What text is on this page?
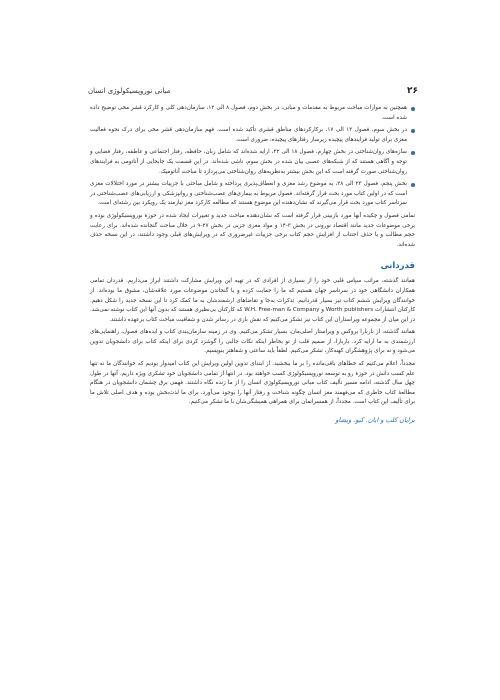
۲۶
مبانی نوروپسیکولوژی انسان
همچنین به موازات مباحث مربوط به مقدمات و مبانی، در بخش دوم، فصول ۸ الی ۱۲، سازمان‌دهی کلی و کارکرد قشر مخی توضیح داده شده است.
در بخش سوم، فصول ۱۳ الی ۱۷، برکارکردهای مناطق قشری تأکید شده است. فهم سازمان‌دهی قشر مخی برای درک نحوه فعالیت مغزی برای تولید فرایندهای پیچیده زیرساز رفتارهای پیچیده، ضروری است.
سازه‌های روان‌شناختی در بخش چهارم، فصول ۱۸ الی ۲۲، ارایه شده‌اند که شامل زبان، حافظه، رفتار اجتماعی و عاطفه، رفتار فضایی و توجه و آگاهی هستند که از شبکه‌های عصبی بیان شده در بخش سوم، ناشی شده‌اند. در این قسمت یک جابجایی از آناتومی به فرایندهای روان‌شناختی صورت گرفته است که این بخش بیشتر به‌نظریه‌های روان‌شناختی می‌پردازد تا مباحث آناتومیک.
بخش پنجم، فصول ۲۳ الی ۲۸، به موضوع رشد مغزی و انعطاف‌پذیری پرداخته و شامل مباحثی با جزییات بیشتر در مورد اختلالات مغزی است که در اولین کتاب مورد بحث قرار گرفته‌اند. فصول مربوط به بیماری‌های عصب‌شناختی و روانپزشکی و ارزیابی‌های عصب‌شناختی در سرتاسر کتاب مورد بحث قرار می‌گیرند که نشان‌دهنده این موضوع هستند که مطالعه کارکرد مغز نیازمند یک رویکرد بین رشته‌ای است.

تمامی فصول و چکیده آنها مورد بازبینی قرار گرفته است که نشان‌دهنده مباحث جدید و تغییرات ایجاد شده در حوزهٔ نوروپسیکولوژی بوده و برخی موضوعات جدید مانند اقتصاد نورونی در بخش ۳-۱۴ و مواد مغزی جزیی در بخش ۲۷-۹ در خلال مباحث گنجانده شده‌اند. برای رعایت حجم مطالب و یا حذف اجتناب از افزایش حجم کتاب برخی جزییات غیرضروری که در ویرایش‌های قبلی وجود داشتند، در این نسخه حذف شده‌اند.

قدردانی

همانند گذشته، مراتب سپاس قلبی خود را از بسیاری از افرادی که در تهیه این ویرایش مشارکت داشتند ابراز می‌داریم. قدردان تمامی همکاران دانشگاهی خود در سرتاسر جهان هستیم که ما را حمایت کرده و با گنجاندن موضوعات مورد علاقه‌شان، مشوق ما بوده‌اند. از خوانندگان ویرایش ششم کتاب نیز بسیار قدردانیم. تذکرات به‌جا و تقاضاهای ارشمندشان به ما کمک کرد تا این نسخه جدید را شکل دهیم. کارکنان انتشارات Worth publishers و W.H. Free-man & Company که کارکنان بی‌نظیری هستند که بدون آنها این کتاب نوشته نمی‌شد. در این میان از مجموعه ویراستاران این کتاب نیز تشکر می‌کنیم که نقش بازی در رساتر شدن و شفافیت مباحث کتاب برعهده داشتند.

همانند گذشته، از باربارا بروکس و ویراستار اصلی‌مان، بسیار تشکر می‌کنیم. وی در زمینه سازمان‌بندی کتاب و ایده‌های فصول، راهنمایی‌های ارزشمندی به ما ارایه کرد. باربارا، از صمیم قلب از تو بخاطر اینکه نکات جالبی را گوشزد کردی برای اینکه کتاب برای دانشجویان تدوین می‌شود و نه برای پژوهشگران کهنه‌کار، تشکر می‌کنیم. لطفاً باید ساعتی و شفاهتر بنویسیم.

مجدداً، اعلام می‌کنیم که خطاهای باقی‌مانده را بر ما ببخشید. از ابتدای تدوین اولین ویرایش این کتاب امیدوار بودیم که خوانندگان ما نه تنها علم کسب دانش در حوزهٔ رو به توسعه نوروپسیکولوژی کسب خواهند بود. در انتها از تمامی دانشجویان خود تشکری ویژه داریم. آنها در طول چهل سال گذشته، ادامه مسیر تألیف کتاب مبانی نوروپسیکولوژی انسان را از ما زنده نگاه داشتند. فهمی برق چشمان دانشجویان در هنگام مطالعهٔ کتاب خاطری که می‌فهمند مغز انسان چگونه شناخت و رفتار آنها را بوجود می‌آورد، برای ما لذت‌بخش بوده و هدف اصلی تلاش ما برای تألیف این کتاب است. مجدداً، از همسرانمان برای همراهی همیشگی‌شان با ما تشکر می‌کنیم.

برایان کلب و ایان. کیو. ویشاو
